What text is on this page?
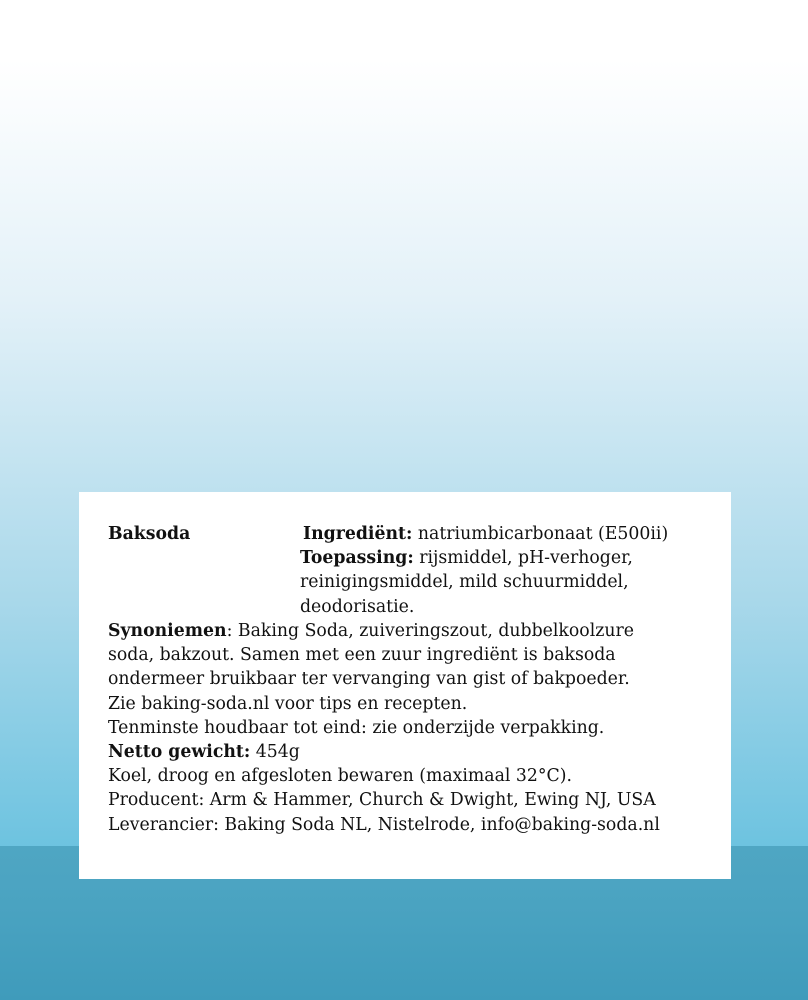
Baksoda	Ingrediënt: natriumbicarbonaat (E500ii)
Toepassing: rijsmiddel, pH-verhoger,
reinigingsmiddel, mild schuurmiddel,
deodorisatie.
Synoniemen: Baking Soda, zuiveringszout, dubbelkoolzure
soda, bakzout. Samen met een zuur ingrediënt is baksoda
ondermeer bruikbaar ter vervanging van gist of bakpoeder.
Zie baking-soda.nl voor tips en recepten.
Tenminste houdbaar tot eind: zie onderzijde verpakking.
Netto gewicht: 454g
Koel, droog en afgesloten bewaren (maximaal 32°C).
Producent: Arm & Hammer, Church & Dwight, Ewing NJ, USA
Leverancier: Baking Soda NL, Nistelrode, info@baking-soda.nl
